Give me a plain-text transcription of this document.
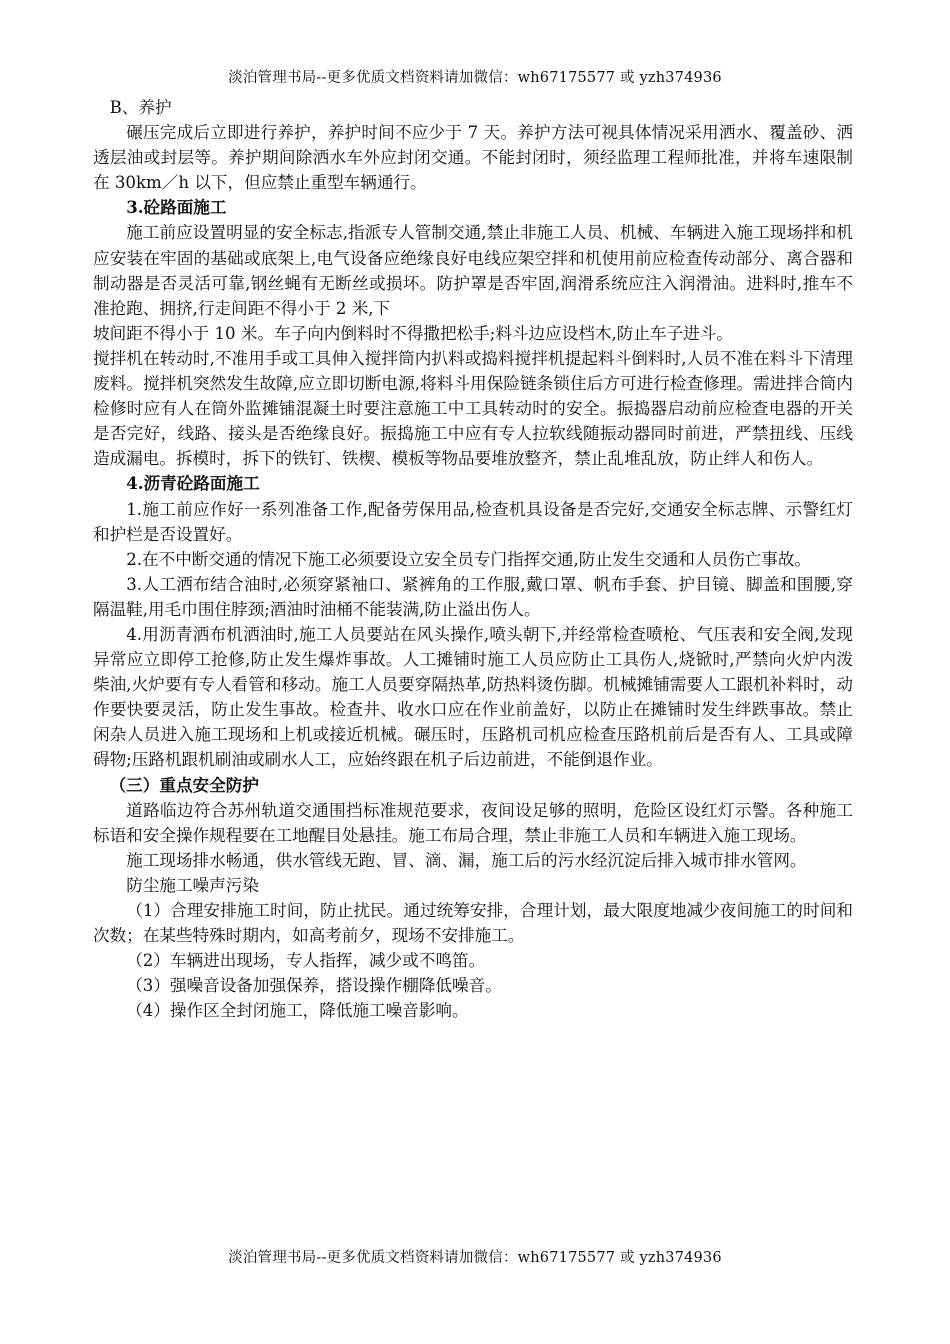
淡泊管理书局--更多优质文档资料请加微信：wh67175577 或 yzh374936

B、养护

碾压完成后立即进行养护，养护时间不应少于 7 天。养护方法可视具体情况采用洒水、覆盖砂、洒透层油或封层等。养护期间除洒水车外应封闭交通。不能封闭时，须经监理工程师批准，并将车速限制在 30km／h 以下，但应禁止重型车辆通行。

3.砼路面施工

施工前应设置明显的安全标志,指派专人管制交通,禁止非施工人员、机械、车辆进入施工现场拌和机应安装在牢固的基础或底架上,电气设备应绝缘良好电线应架空拌和机使用前应检查传动部分、离合器和制动器是否灵活可靠,钢丝蝇有无断丝或损坏。防护罩是否牢固,润滑系统应注入润滑油。进料时,推车不准抢跑、拥挤,行走间距不得小于 2 米,下

坡间距不得小于 10 米。车子向内倒料时不得撒把松手;料斗边应设档木,防止车子进斗。

搅拌机在转动时,不准用手或工具伸入搅拌筒内扒料或捣料搅拌机提起料斗倒料时,人员不准在料斗下清理废料。搅拌机突然发生故障,应立即切断电源,将料斗用保险链条锁住后方可进行检查修理。需进拌合筒内检修时应有人在筒外监摊铺混凝土时要注意施工中工具转动时的安全。振捣器启动前应检查电器的开关是否完好，线路、接头是否绝缘良好。振捣施工中应有专人拉软线随振动器同时前进，严禁扭线、压线造成漏电。拆模时，拆下的铁钉、铁楔、模板等物品要堆放整齐，禁止乱堆乱放，防止绊人和伤人。

4.沥青砼路面施工

1.施工前应作好一系列准备工作,配备劳保用品,检查机具设备是否完好,交通安全标志牌、示警红灯和护栏是否设置好。

2.在不中断交通的情况下施工必须要设立安全员专门指挥交通,防止发生交通和人员伤亡事故。

3.人工洒布结合油时,必须穿紧袖口、紧裤角的工作服,戴口罩、帆布手套、护目镜、脚盖和围腰,穿隔温鞋,用毛巾围住脖颈;酒油时油桶不能装满,防止溢出伤人。

4.用沥青洒布机洒油时,施工人员要站在风头操作,喷头朝下,并经常检查喷枪、气压表和安全阀,发现异常应立即停工抢修,防止发生爆炸事故。人工摊铺时施工人员应防止工具伤人,烧锨时,严禁向火炉内泼柴油,火炉要有专人看管和移动。施工人员要穿隔热革,防热料烫伤脚。机械摊铺需要人工跟机补料时，动作要快要灵活，防止发生事故。检查井、收水口应在作业前盖好，以防止在摊铺时发生绊跌事故。禁止闲杂人员进入施工现场和上机或接近机械。碾压时，压路机司机应检查压路机前后是否有人、工具或障碍物;压路机跟机刷油或刷水人工，应始终跟在机子后边前进，不能倒退作业。

（三）重点安全防护

道路临边符合苏州轨道交通围挡标准规范要求，夜间设足够的照明，危险区设红灯示警。各种施工标语和安全操作规程要在工地醒目处悬挂。施工布局合理，禁止非施工人员和车辆进入施工现场。

施工现场排水畅通，供水管线无跑、冒、滴、漏，施工后的污水经沉淀后排入城市排水管网。

防尘施工噪声污染

（1）合理安排施工时间，防止扰民。通过统筹安排，合理计划，最大限度地减少夜间施工的时间和次数；在某些特殊时期内，如高考前夕，现场不安排施工。

（2）车辆进出现场，专人指挥，减少或不鸣笛。

（3）强噪音设备加强保养，搭设操作棚降低噪音。

（4）操作区全封闭施工，降低施工噪音影响。

淡泊管理书局--更多优质文档资料请加微信：wh67175577 或 yzh374936
